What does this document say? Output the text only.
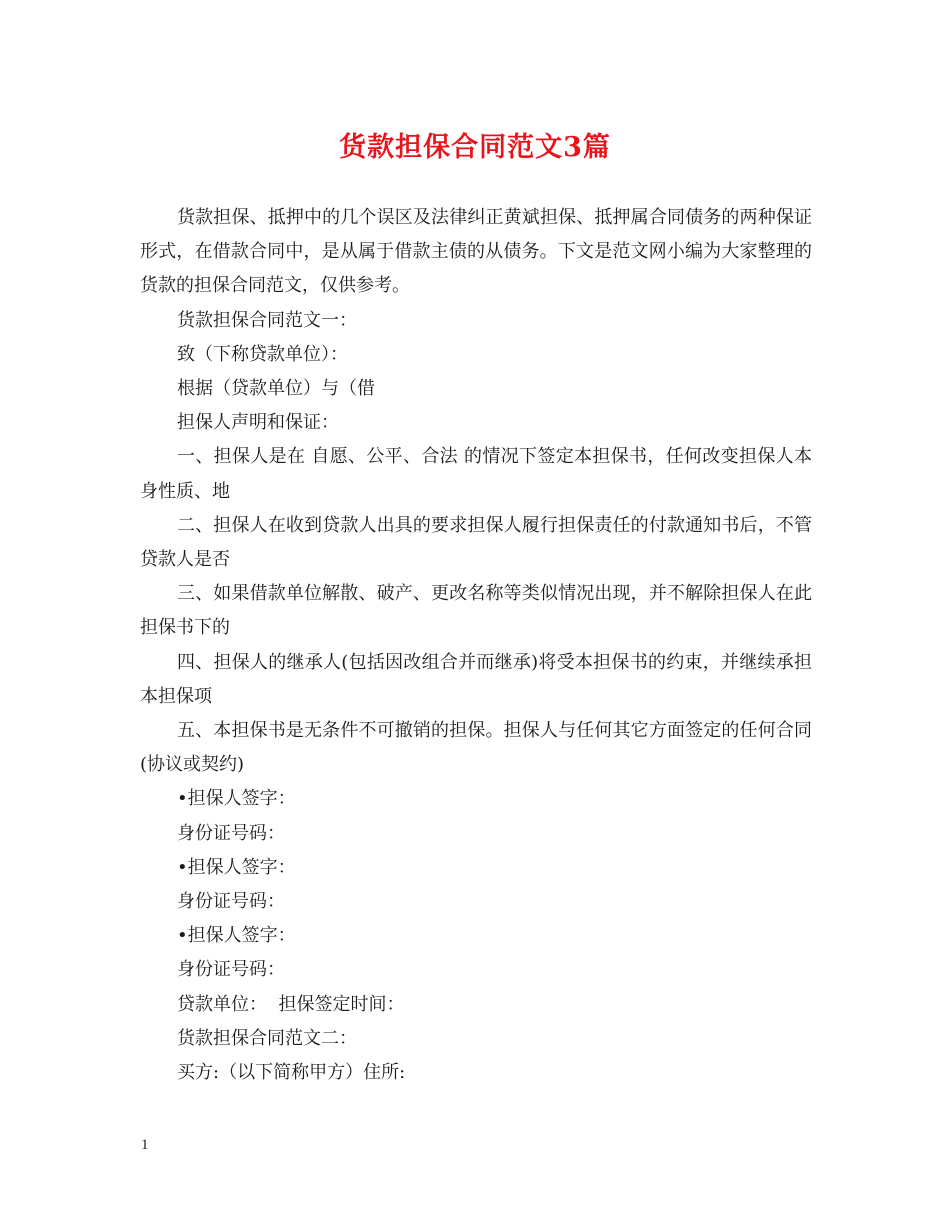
货款担保合同范文3篇

货款担保、抵押中的几个误区及法律纠正黄斌担保、抵押属合同债务的两种保证形式，在借款合同中，是从属于借款主债的从债务。下文是范文网小编为大家整理的货款的担保合同范文，仅供参考。

货款担保合同范文一：

致（下称贷款单位）：

根据（贷款单位）与（借

担保人声明和保证：

一、担保人是在 自愿、公平、合法 的情况下签定本担保书，任何改变担保人本身性质、地

二、担保人在收到贷款人出具的要求担保人履行担保责任的付款通知书后，不管贷款人是否

三、如果借款单位解散、破产、更改名称等类似情况出现，并不解除担保人在此担保书下的

四、担保人的继承人(包括因改组合并而继承)将受本担保书的约束，并继续承担本担保项

五、本担保书是无条件不可撤销的担保。担保人与任何其它方面签定的任何合同(协议或契约)

•担保人签字：

身份证号码：

•担保人签字：

身份证号码：

•担保人签字：

身份证号码：

贷款单位：  担保签定时间：

货款担保合同范文二：

买方:（以下简称甲方）住所:

1
